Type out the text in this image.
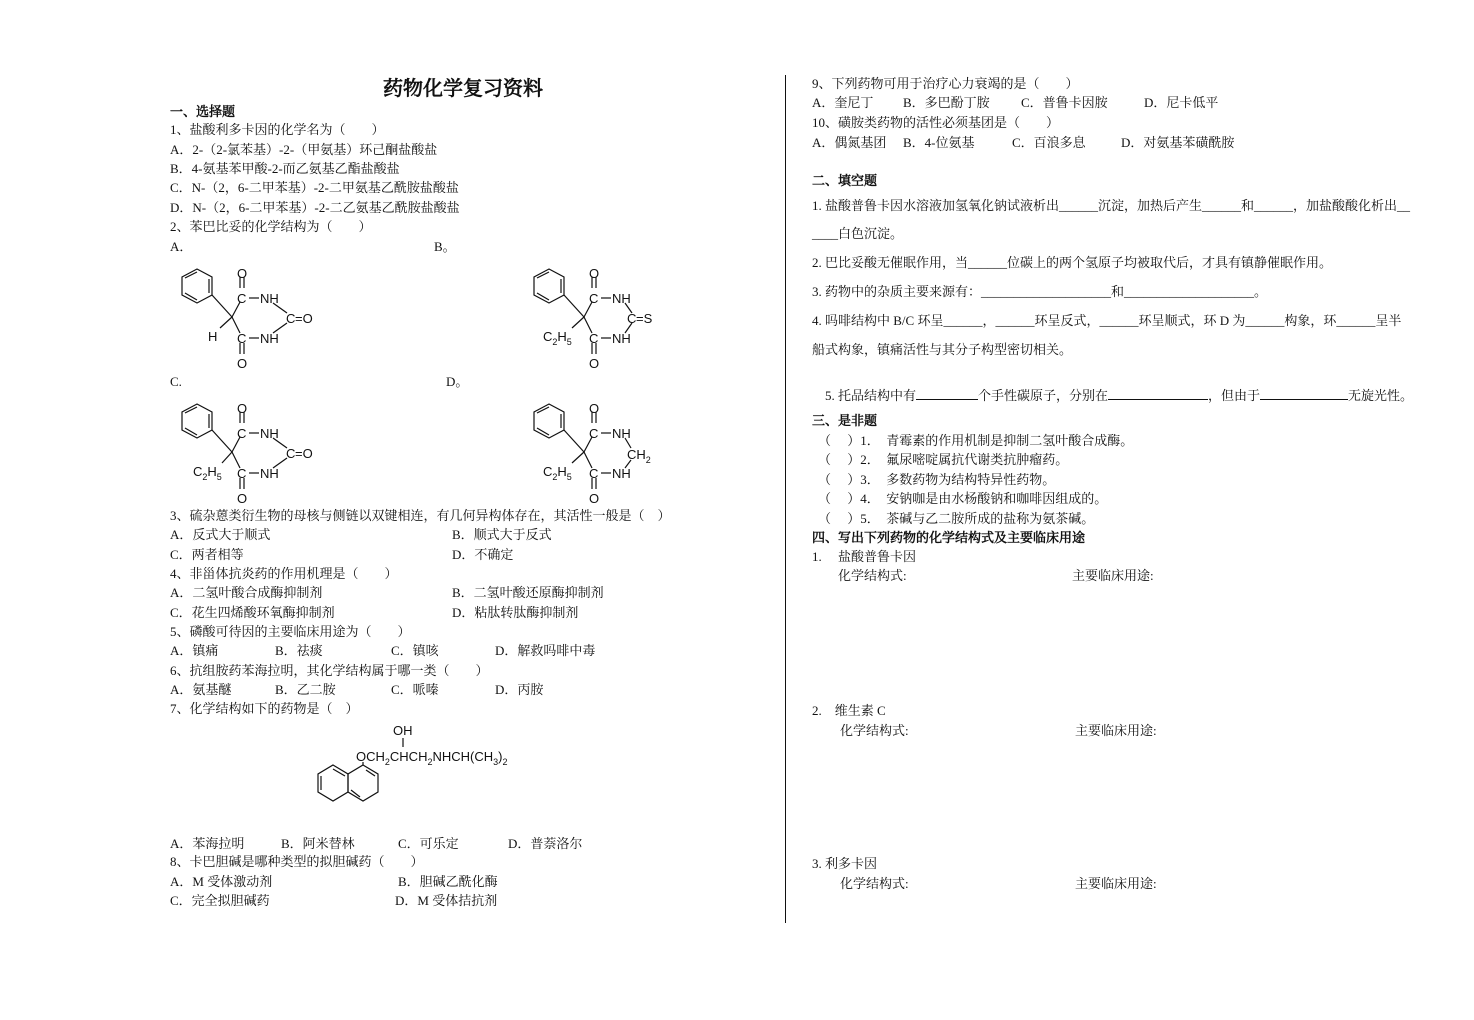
药物化学复习资料
一、选择题
1、盐酸利多卡因的化学名为（　　）
A．2-（2-氯苯基）-2-（甲氨基）环己酮盐酸盐
B．4-氨基苯甲酸-2-而乙氨基乙酯盐酸盐
C．N-（2，6-二甲苯基）-2-二甲氨基乙酰胺盐酸盐
D．N-（2，6-二甲苯基）-2-二乙氨基乙酰胺盐酸盐
2、苯巴比妥的化学结构为（　　）
A．	B。
C.	D。
O
C NH
C =O
C NH
O
H
O
C NH
C =S
C NH
O
$C_2H_5$
O
C NH
C =O
C NH
O
$C_2H_5$
O
C NH
$CH_2$
C NH
O
$C_2H_5$
3、硫杂蒽类衍生物的母核与侧链以双键相连，有几何异构体存在，其活性一般是（　）
A．反式大于顺式	B．顺式大于反式
C．两者相等	D．不确定
4、非甾体抗炎药的作用机理是（　　）
A．二氢叶酸合成酶抑制剂	B．二氢叶酸还原酶抑制剂
C．花生四烯酸环氧酶抑制剂	D．粘肽转肽酶抑制剂
5、磷酸可待因的主要临床用途为（　　）
A．镇痛	B．祛痰	C．镇咳	D．解救吗啡中毒
6、抗组胺药苯海拉明，其化学结构属于哪一类（　　）
A．氨基醚	B．乙二胺	C．哌嗪	D．丙胺
7、化学结构如下的药物是（　）
OH
$OCH_2CHCH_2NHCH(CH_3)_2$
A．苯海拉明	B．阿米替林	C．可乐定	D．普萘洛尔
8、卡巴胆碱是哪种类型的拟胆碱药（　　）
A．M 受体激动剂	B．胆碱乙酰化酶
C．完全拟胆碱药	D．M 受体拮抗剂
9、下列药物可用于治疗心力衰竭的是（　　）
A．奎尼丁 B．多巴酚丁胺 C．普鲁卡因胺	D．尼卡低平
10、磺胺类药物的活性必须基团是（　　）
A．偶氮基团 B．4-位氨基	C．百浪多息	D．对氨基苯磺酰胺
二、填空题
1. 盐酸普鲁卡因水溶液加氢氧化钠试液析出______沉淀，加热后产生______和______，加盐酸酸化析出__
____白色沉淀。
2. 巴比妥酸无催眠作用，当______位碳上的两个氢原子均被取代后，才具有镇静催眠作用。
3. 药物中的杂质主要来源有：____________________和____________________。
4. 吗啡结构中 B/C 环呈______，______环呈反式，______环呈顺式，环 D 为______构象，环______呈半
船式构象，镇痛活性与其分子构型密切相关。

5. 托品结构中有	个手性碳原子，分别在	，但由于	无旋光性。

三、是非题
（　 ）1．　青霉素的作用机制是抑制二氢叶酸合成酶。
（　 ）2．　氟尿嘧啶属抗代谢类抗肿瘤药。
（　 ）3．　多数药物为结构特异性药物。
（　 ）4．　安钠咖是由水杨酸钠和咖啡因组成的。
（　 ）5．　茶碱与乙二胺所成的盐称为氨茶碱。
四、写出下列药物的化学结构式及主要临床用途
1.　 盐酸普鲁卡因
化学结构式:	主要临床用途:
2.　维生素 C
化学结构式:	主要临床用途:
3. 利多卡因
化学结构式:	主要临床用途:
